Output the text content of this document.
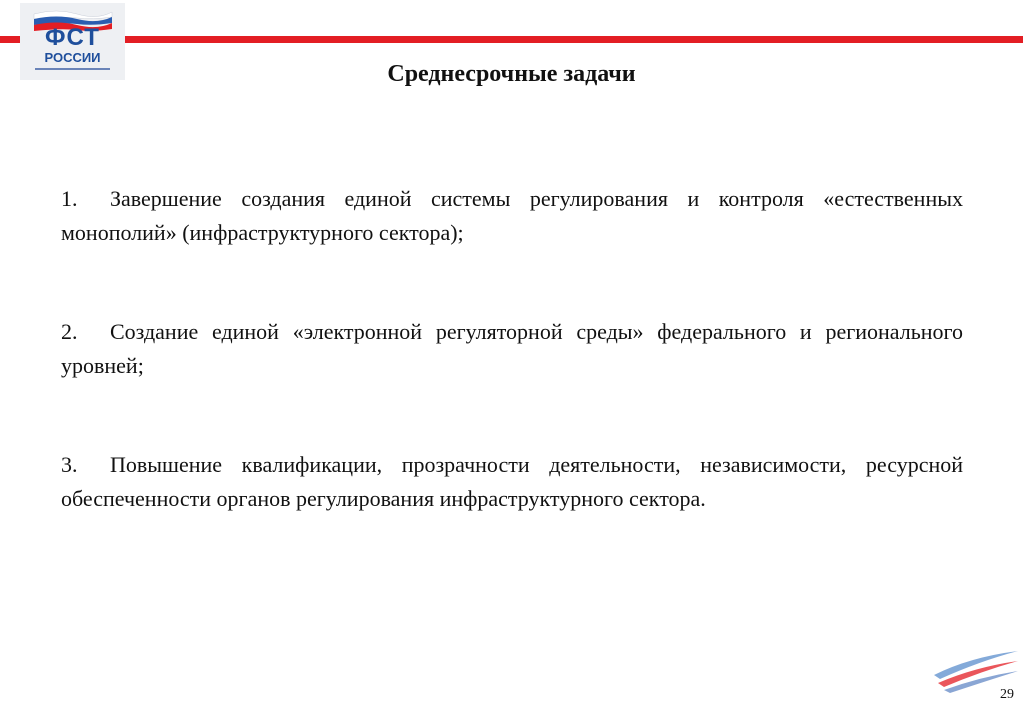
ФСТ
РОССИИ
Среднесрочные задачи
1. Завершение создания единой системы регулирования и контроля «естественных монополий» (инфраструктурного сектора);
2. Создание единой «электронной регуляторной среды» федерального и регионального уровней;
3. Повышение квалификации, прозрачности деятельности, независимости, ресурсной обеспеченности органов регулирования инфраструктурного сектора.
29
